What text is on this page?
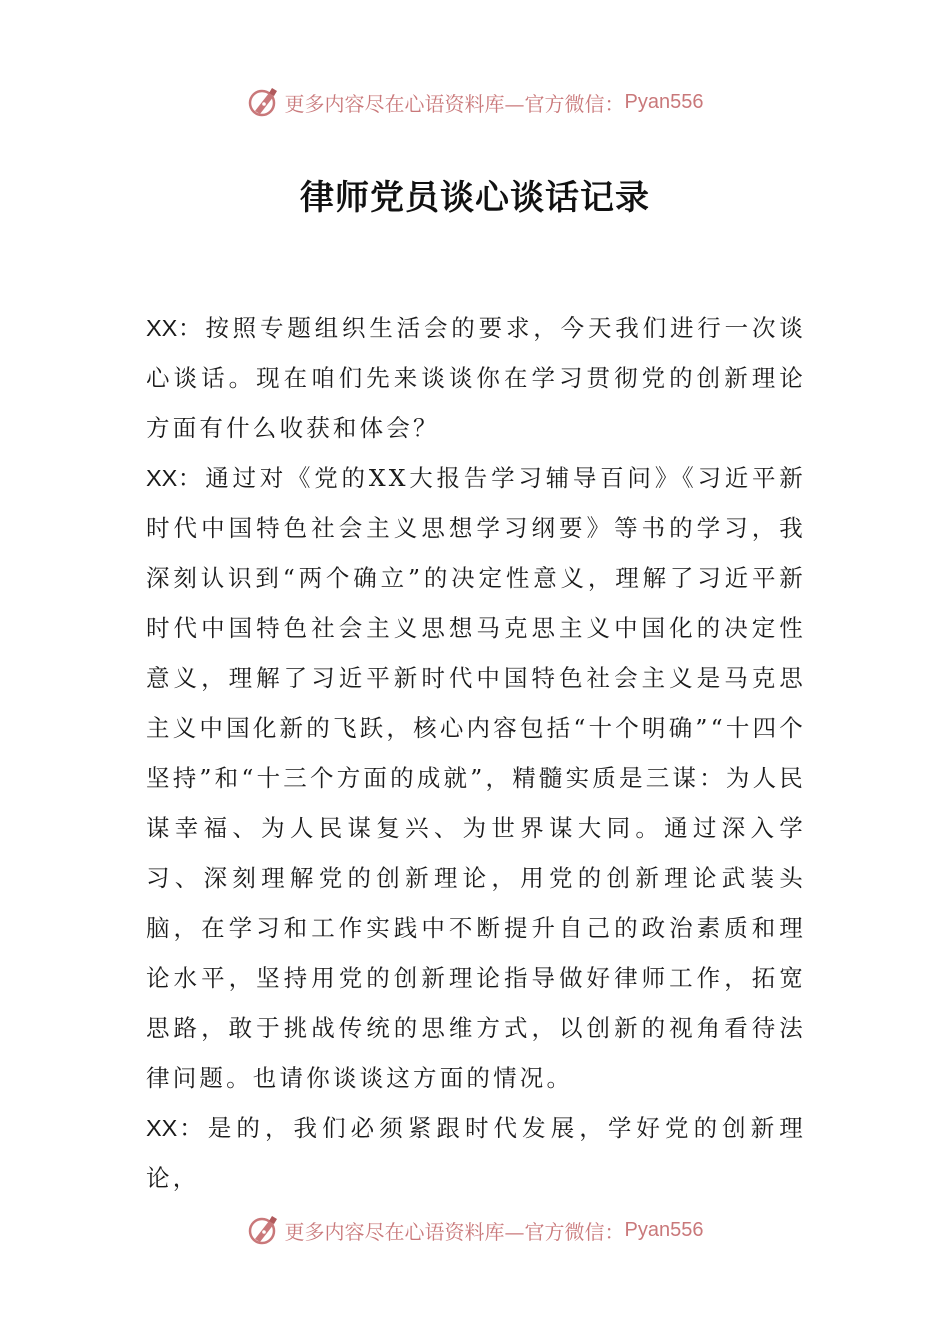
更多内容尽在心语资料库—官方微信： Pyan556
律师党员谈心谈话记录

XX：按照专题组织生活会的要求，今天我们进行一次谈心谈话。现在咱们先来谈谈你在学习贯彻党的创新理论方面有什么收获和体会？

XX：通过对《党的XX大报告学习辅导百问》《习近平新时代中国特色社会主义思想学习纲要》等书的学习，我深刻认识到“两个确立”的决定性意义，理解了习近平新时代中国特色社会主义思想马克思主义中国化的决定性意义，理解了习近平新时代中国特色社会主义是马克思主义中国化新的飞跃，核心内容包括“十个明确”“十四个坚持”和“十三个方面的成就”，精髓实质是三谋：为人民谋幸福、为人民谋复兴、为世界谋大同。通过深入学习、深刻理解党的创新理论，用党的创新理论武装头脑，在学习和工作实践中不断提升自己的政治素质和理论水平，坚持用党的创新理论指导做好律师工作，拓宽思路，敢于挑战传统的思维方式，以创新的视角看待法律问题。也请你谈谈这方面的情况。

XX：是的，我们必须紧跟时代发展，学好党的创新理论，

更多内容尽在心语资料库—官方微信： Pyan556
